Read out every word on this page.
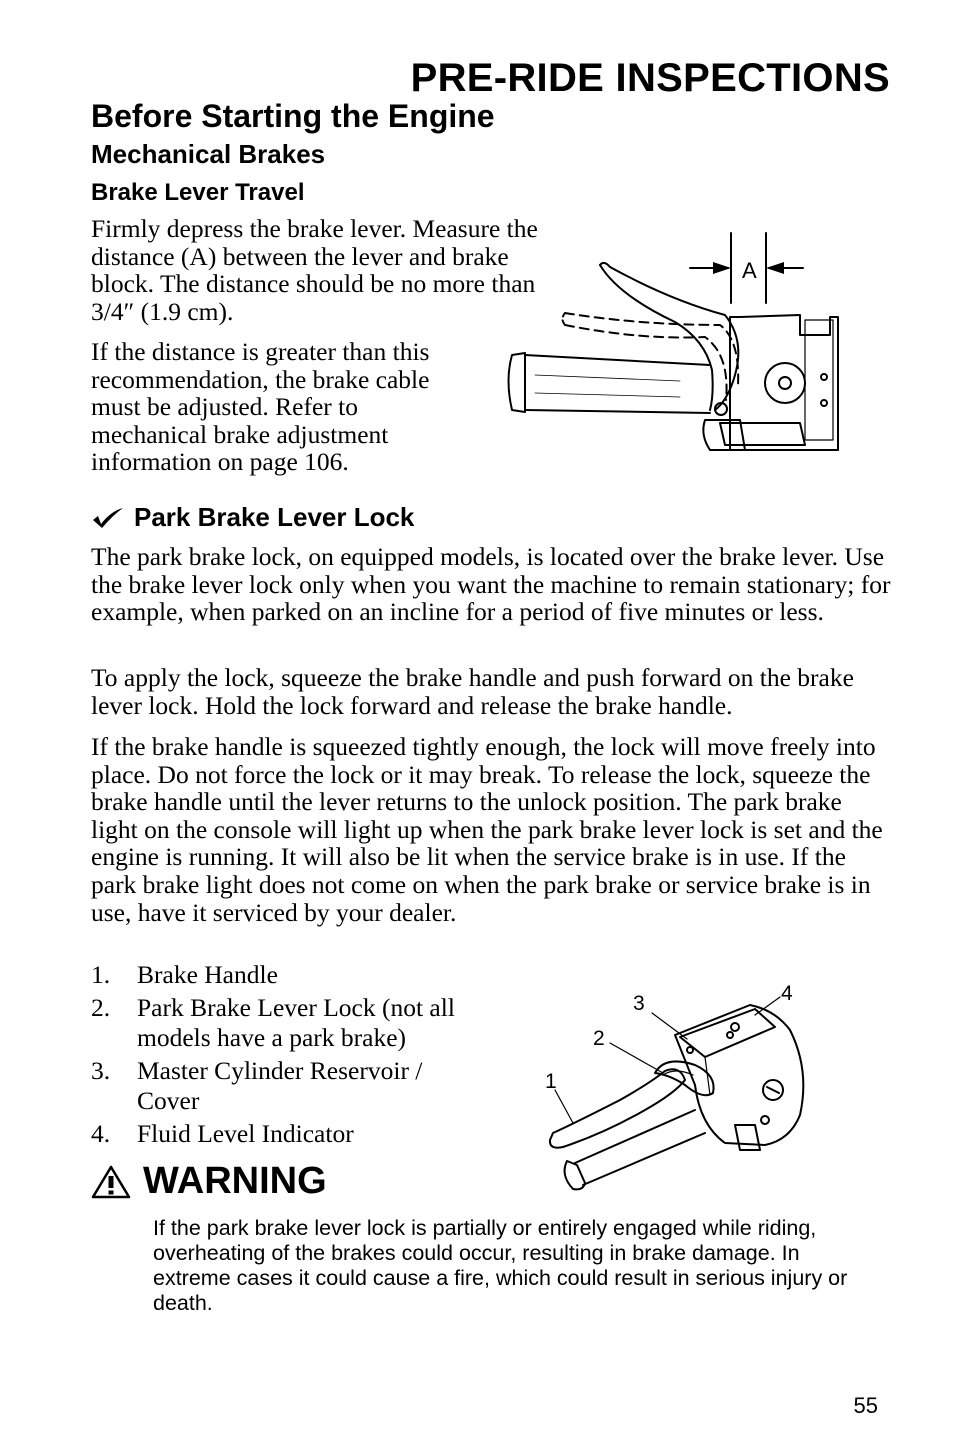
PRE-RIDE INSPECTIONS
Before Starting the Engine
Mechanical Brakes
Brake Lever Travel

Firmly depress the brake lever. Measure the distance (A) between the lever and brake block. The distance should be no more than 3/4″ (1.9 cm).

If the distance is greater than this recommendation, the brake cable must be adjusted. Refer to mechanical brake adjustment information on page 106.

A
Park Brake Lever Lock

The park brake lock, on equipped models, is located over the brake lever. Use the brake lever lock only when you want the machine to remain stationary; for example, when parked on an incline for a period of five minutes or less.

To apply the lock, squeeze the brake handle and push forward on the brake lever lock. Hold the lock forward and release the brake handle.

If the brake handle is squeezed tightly enough, the lock will move freely into place. Do not force the lock or it may break. To release the lock, squeeze the brake handle until the lever returns to the unlock position. The park brake light on the console will light up when the park brake lever lock is set and the engine is running. It will also be lit when the service brake is in use. If the park brake light does not come on when the park brake or service brake is in use, have it serviced by your dealer.

1.	Brake Handle
2.	Park Brake Lever Lock (not all models have a park brake)
3.	Master Cylinder Reservoir / Cover
4.	Fluid Level Indicator
1
2
3	4
WARNING

If the park brake lever lock is partially or entirely engaged while riding, overheating of the brakes could occur, resulting in brake damage. In extreme cases it could cause a fire, which could result in serious injury or death.

55
